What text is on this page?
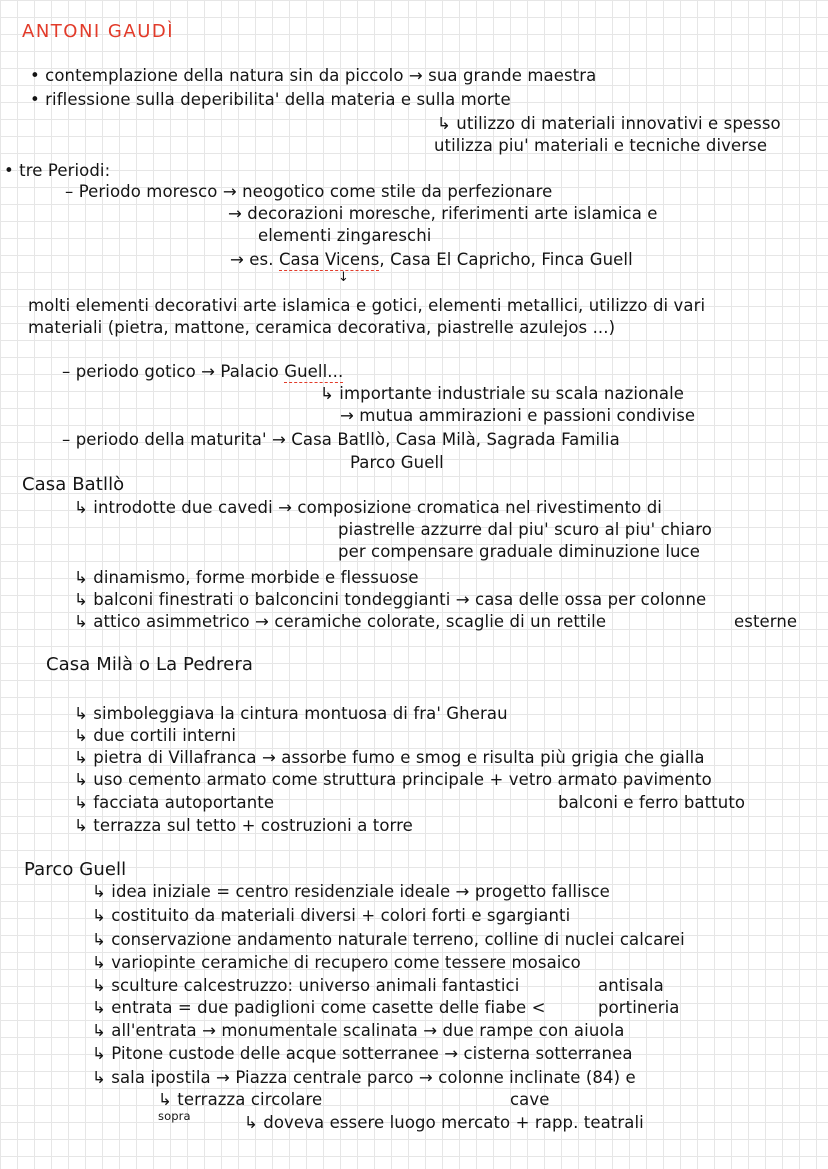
ANTONI GAUDÌ
• contemplazione della natura sin da piccolo → sua grande maestra
• riflessione sulla deperibilita' della materia e sulla morte
↳ utilizzo di materiali innovativi e spesso
utilizza piu' materiali e tecniche diverse
• tre Periodi:
– Periodo moresco → neogotico come stile da perfezionare
→ decorazioni moresche, riferimenti arte islamica e
elementi zingareschi
→ es. Casa Vicens, Casa El Capricho, Finca Guell
↓
molti elementi decorativi arte islamica e gotici, elementi metallici, utilizzo di vari
materiali (pietra, mattone, ceramica decorativa, piastrelle azulejos ...)
– periodo gotico → Palacio Guell...
↳ importante industriale su scala nazionale
→ mutua ammirazioni e passioni condivise
– periodo della maturita' → Casa Batllò, Casa Milà, Sagrada Familia
Parco Guell
Casa Batllò
↳ introdotte due cavedi → composizione cromatica nel rivestimento di
piastrelle azzurre dal piu' scuro al piu' chiaro
per compensare graduale diminuzione luce
↳ dinamismo, forme morbide e flessuose
↳ balconi finestrati o balconcini tondeggianti → casa delle ossa per colonne
↳ attico asimmetrico → ceramiche colorate, scaglie di un rettile	esterne
Casa Milà o La Pedrera
↳ simboleggiava la cintura montuosa di fra' Gherau
↳ due cortili interni
↳ pietra di Villafranca → assorbe fumo e smog e risulta più grigia che gialla
↳ uso cemento armato come struttura principale + vetro armato pavimento
↳ facciata autoportante	balconi e ferro battuto
↳ terrazza sul tetto + costruzioni a torre
Parco Guell
↳ idea iniziale = centro residenziale ideale → progetto fallisce
↳ costituito da materiali diversi + colori forti e sgargianti
↳ conservazione andamento naturale terreno, colline di nuclei calcarei
↳ variopinte ceramiche di recupero come tessere mosaico
↳ sculture calcestruzzo: universo animali fantastici	antisala
↳ entrata = due padiglioni come casette delle fiabe <	portineria
↳ all'entrata → monumentale scalinata → due rampe con aiuola
↳ Pitone custode delle acque sotterranee → cisterna sotterranea
↳ sala ipostila → Piazza centrale parco → colonne inclinate (84) e
cave
↳ terrazza circolare
sopra	↳ doveva essere luogo mercato + rapp. teatrali
